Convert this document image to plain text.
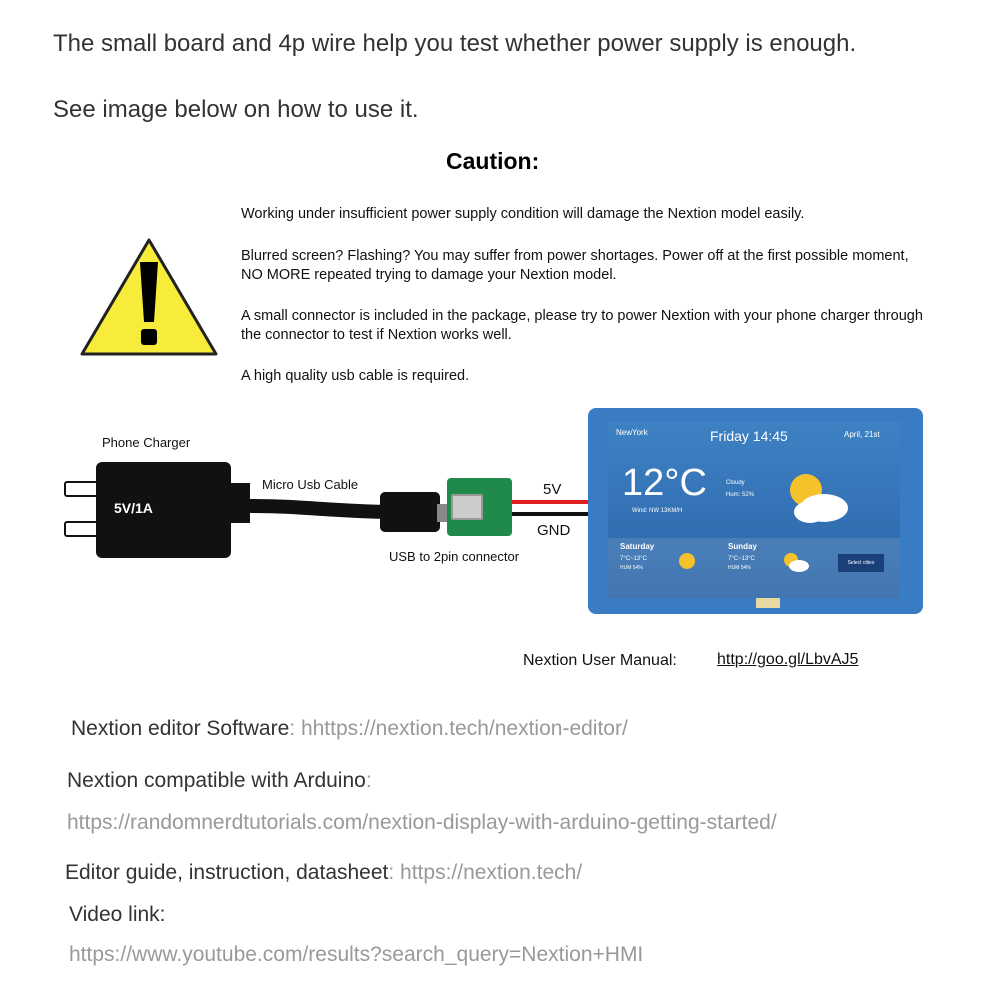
The small board and 4p wire help you test whether power supply is enough.
See image below on how to use it.
Caution:
Working under insufficient power supply condition will damage the Nextion model easily.
Blurred screen? Flashing? You may suffer from power shortages. Power off at the first possible moment, NO MORE repeated trying to damage your Nextion model.
A small connector is included in the package, please try to power Nextion with your phone charger through the connector to test if Nextion works well.
A high quality usb cable is required.
Phone Charger
5V/1A
Micro Usb Cable	5V
GND
USB to 2pin connector
NewYork	Friday 14:45	April, 21st
12°C	Cloudy
Hum: 52%
Wind: NW 13KM/H
Saturday
7°C~13°C
HUM 54%
Sunday
7°C~13°C
HUM 54%
Select cities
Nextion User Manual:	http://goo.gl/LbvAJ5
Nextion editor Software: hhttps://nextion.tech/nextion-editor/
Nextion compatible with Arduino:
https://randomnerdtutorials.com/nextion-display-with-arduino-getting-started/
Editor guide, instruction, datasheet: https://nextion.tech/
Video link:
https://www.youtube.com/results?search_query=Nextion+HMI
